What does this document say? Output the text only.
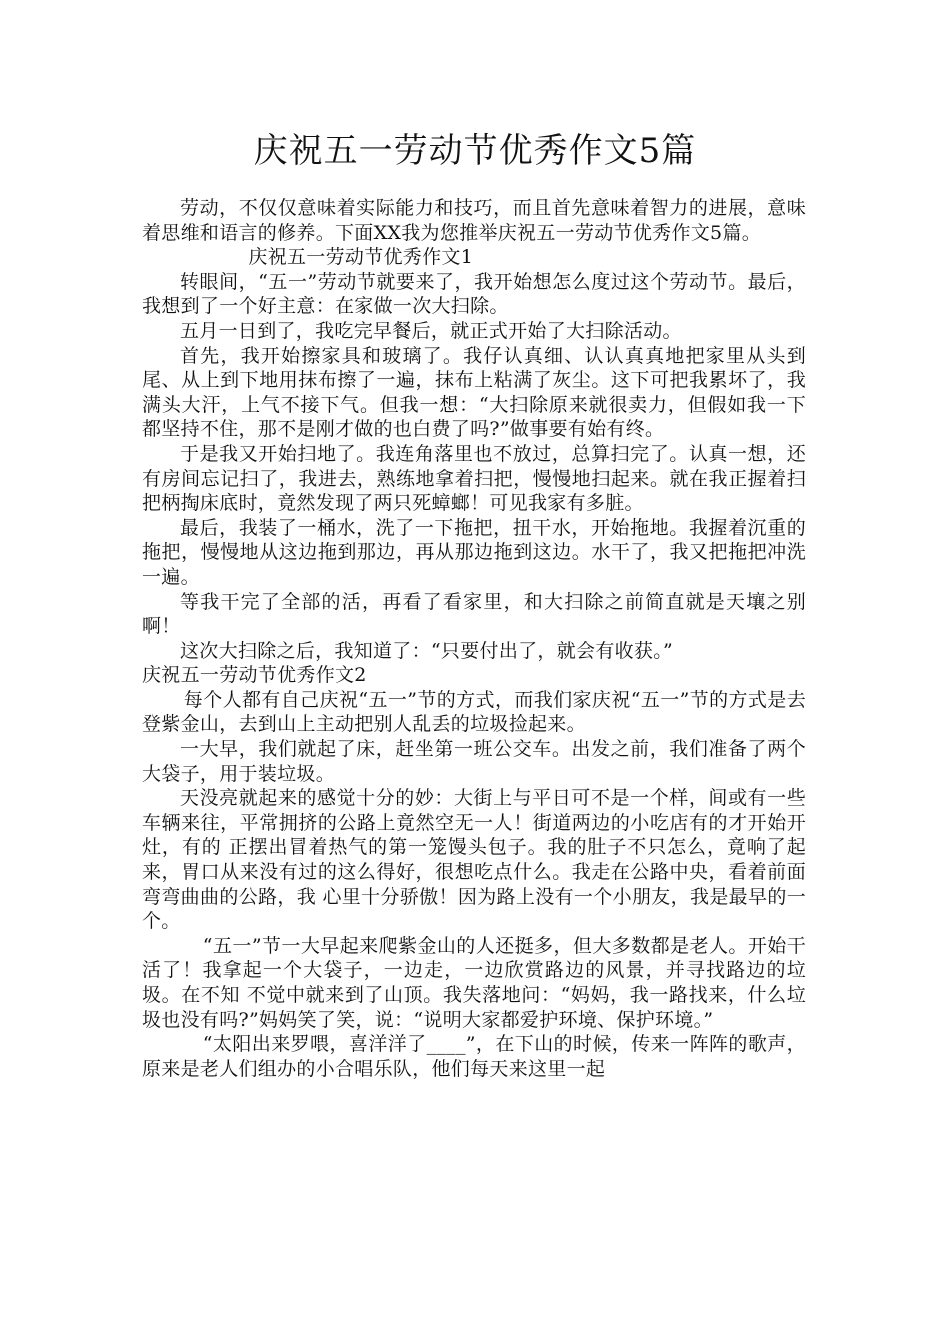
庆祝五一劳动节优秀作文5篇

劳动，不仅仅意味着实际能力和技巧，而且首先意味着智力的进展，意味着思维和语言的修养。下面XX我为您推举庆祝五一劳动节优秀作文5篇。

庆祝五一劳动节优秀作文1

转眼间，“五一”劳动节就要来了，我开始想怎么度过这个劳动节。最后，我想到了一个好主意：在家做一次大扫除。

五月一日到了，我吃完早餐后，就正式开始了大扫除活动。

首先，我开始擦家具和玻璃了。我仔认真细、认认真真地把家里从头到尾、从上到下地用抹布擦了一遍，抹布上粘满了灰尘。这下可把我累坏了，我满头大汗，上气不接下气。但我一想：“大扫除原来就很卖力，但假如我一下都坚持不住，那不是刚才做的也白费了吗?”做事要有始有终。

于是我又开始扫地了。我连角落里也不放过，总算扫完了。认真一想，还有房间忘记扫了，我进去，熟练地拿着扫把，慢慢地扫起来。就在我正握着扫把柄掏床底时，竟然发现了两只死蟑螂！可见我家有多脏。

最后，我装了一桶水，洗了一下拖把，扭干水，开始拖地。我握着沉重的拖把，慢慢地从这边拖到那边，再从那边拖到这边。水干了，我又把拖把冲洗一遍。

等我干完了全部的活，再看了看家里，和大扫除之前简直就是天壤之别啊！

这次大扫除之后，我知道了：“只要付出了，就会有收获。”

庆祝五一劳动节优秀作文2

每个人都有自己庆祝“五一”节的方式，而我们家庆祝“五一”节的方式是去登紫金山，去到山上主动把别人乱丢的垃圾捡起来。

一大早，我们就起了床，赶坐第一班公交车。出发之前，我们准备了两个大袋子，用于装垃圾。

天没亮就起来的感觉十分的妙：大街上与平日可不是一个样，间或有一些车辆来往，平常拥挤的公路上竟然空无一人！街道两边的小吃店有的才开始开灶，有的 正摆出冒着热气的第一笼馒头包子。我的肚子不只怎么，竟响了起来，胃口从来没有过的这么得好，很想吃点什么。我走在公路中央，看着前面弯弯曲曲的公路，我 心里十分骄傲！因为路上没有一个小朋友，我是最早的一个。

“五一”节一大早起来爬紫金山的人还挺多，但大多数都是老人。开始干活了！我拿起一个大袋子，一边走，一边欣赏路边的风景，并寻找路边的垃圾。在不知 不觉中就来到了山顶。我失落地问：“妈妈，我一路找来，什么垃圾也没有吗?”妈妈笑了笑，说：“说明大家都爱护环境、保护环境。”

“太阳出来罗喂，喜洋洋了____”，在下山的时候，传来一阵阵的歌声，原来是老人们组办的小合唱乐队，他们每天来这里一起
